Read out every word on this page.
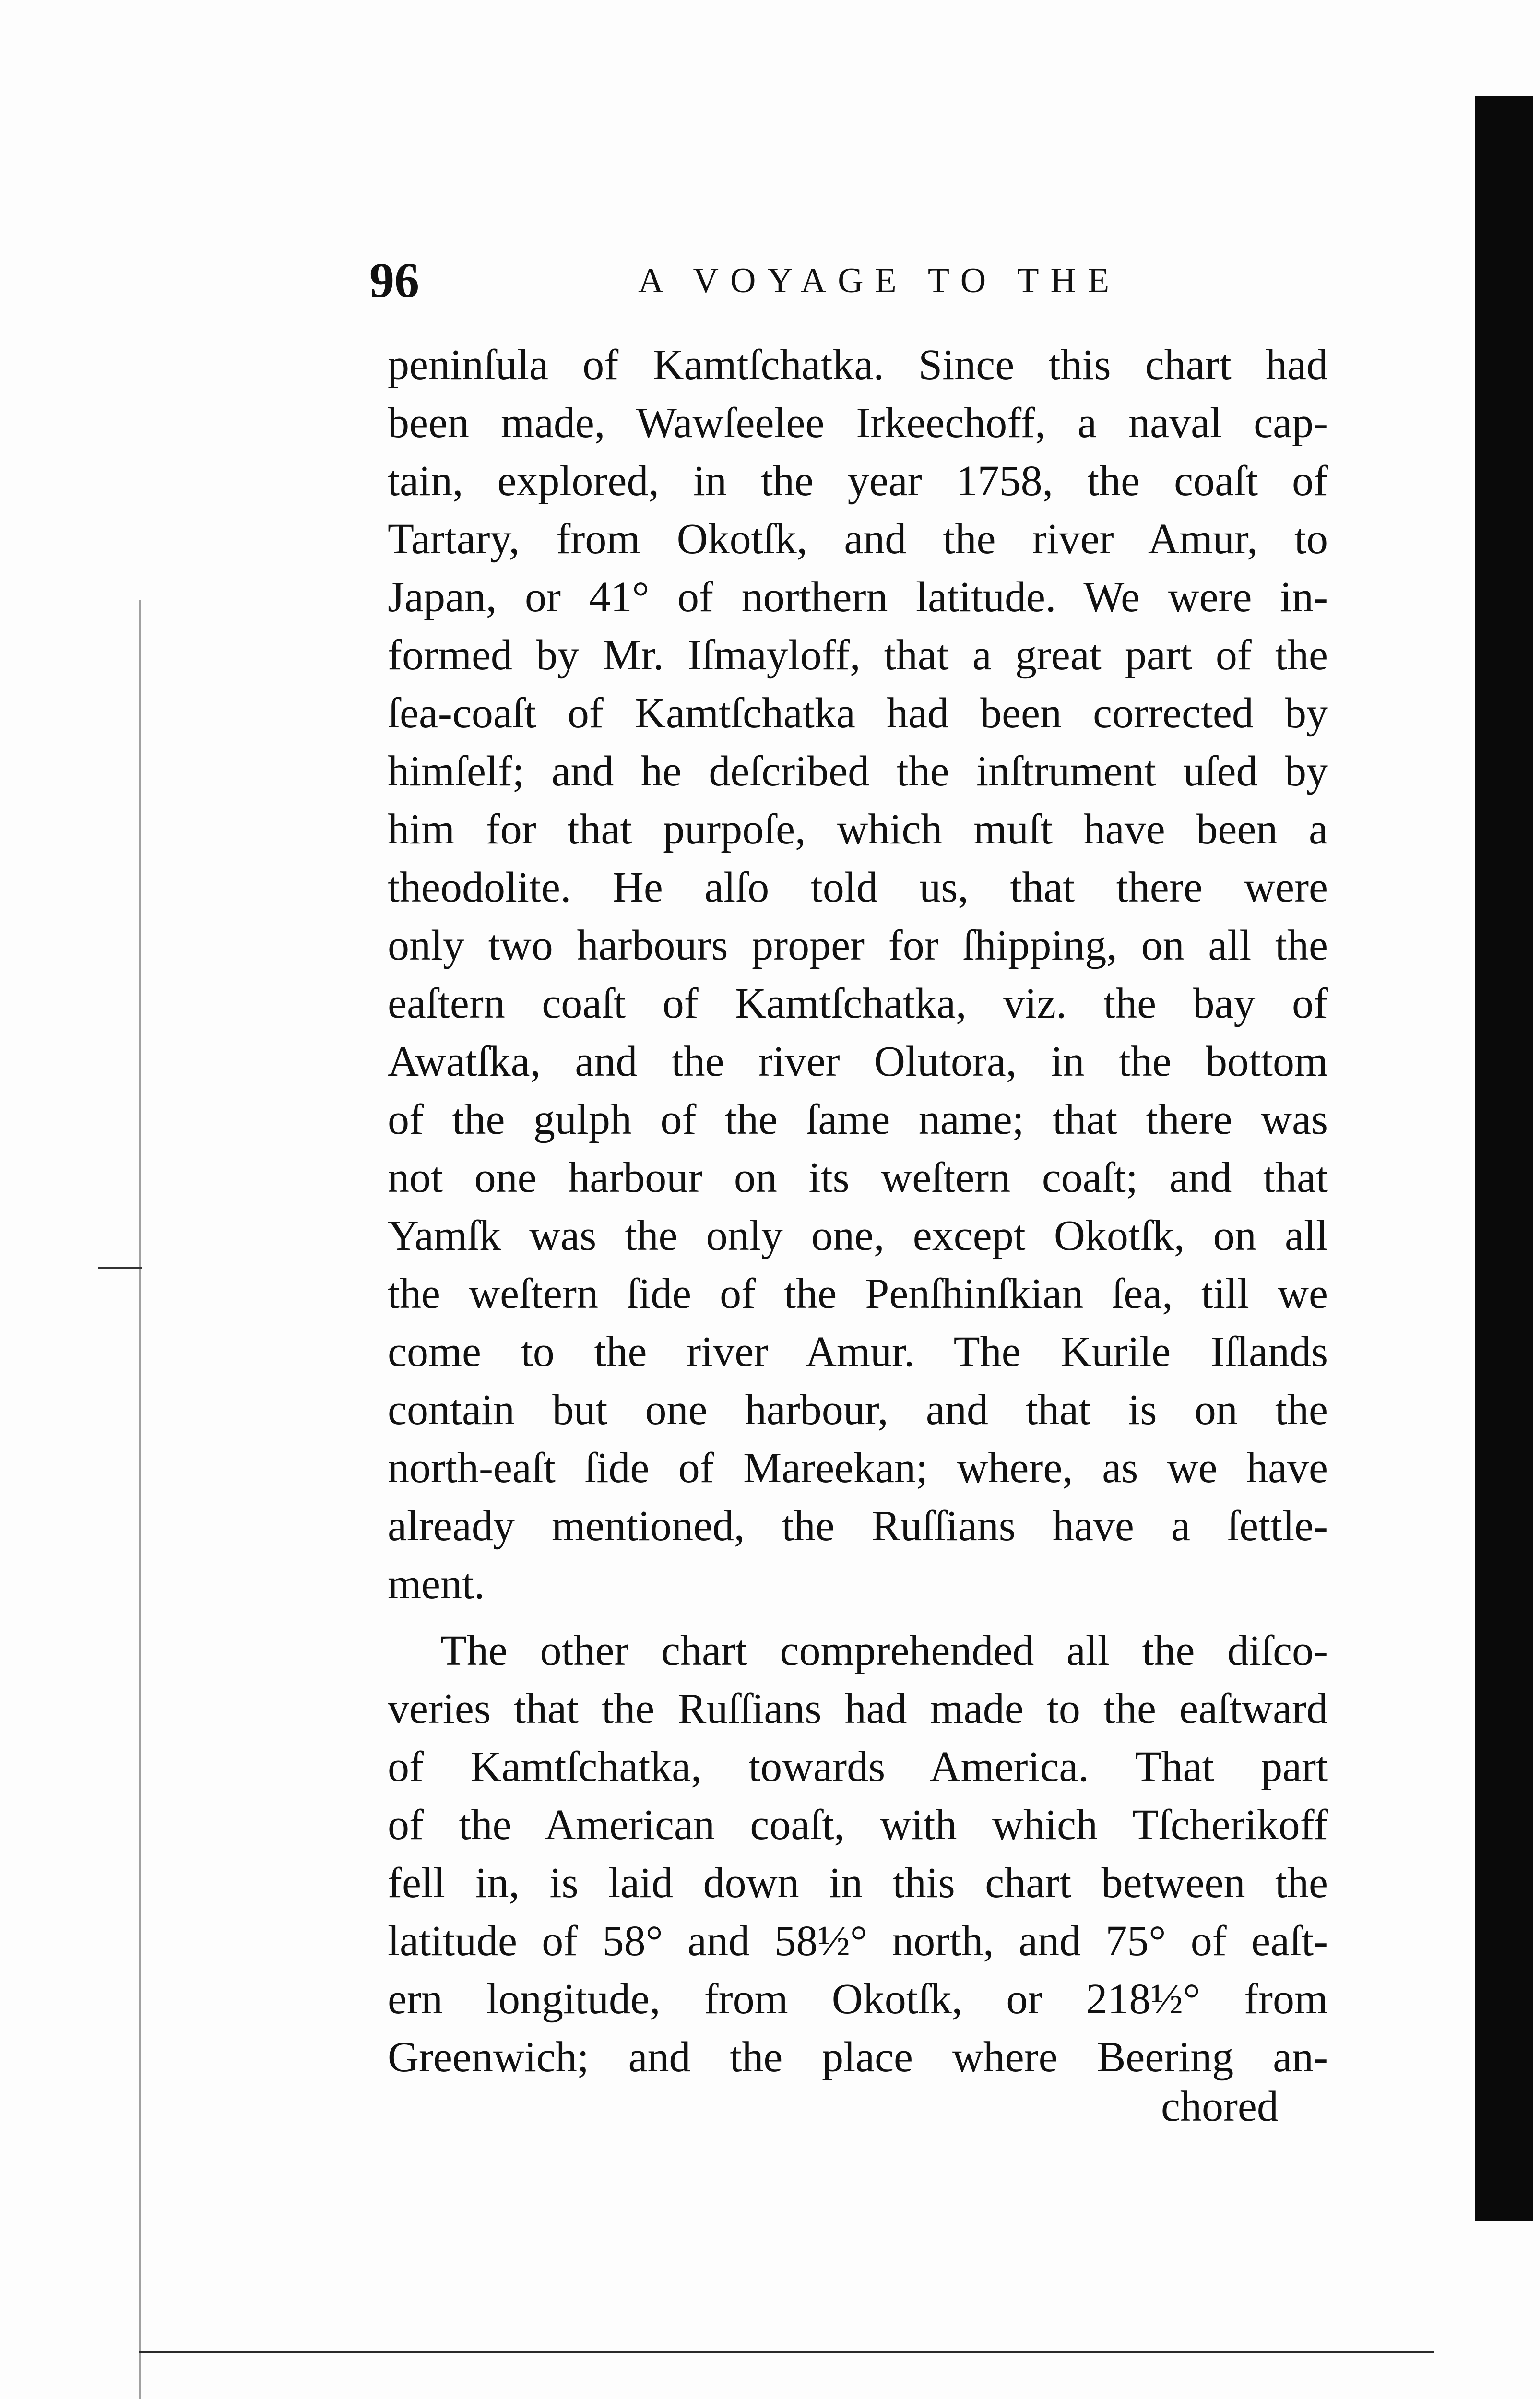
96	A VOYAGE TO THE
peninſula of Kamtſchatka. Since this chart had
been made, Wawſeelee Irkeechoff, a naval cap-
tain, explored, in the year 1758, the coaſt of
Tartary, from Okotſk, and the river Amur, to
Japan, or 41° of northern latitude. We were in-
formed by Mr. Iſmayloff, that a great part of the
ſea-coaſt of Kamtſchatka had been corrected by
himſelf; and he deſcribed the inſtrument uſed by
him for that purpoſe, which muſt have been a
theodolite. He alſo told us, that there were
only two harbours proper for ſhipping, on all the
eaſtern coaſt of Kamtſchatka, viz. the bay of
Awatſka, and the river Olutora, in the bottom
of the gulph of the ſame name; that there was
not one harbour on its weſtern coaſt; and that
Yamſk was the only one, except Okotſk, on all
the weſtern ſide of the Penſhinſkian ſea, till we
come to the river Amur. The Kurile Iſlands
contain but one harbour, and that is on the
north-eaſt ſide of Mareekan; where, as we have
already mentioned, the Ruſſians have a ſettle-
ment.
The other chart comprehended all the diſco-
veries that the Ruſſians had made to the eaſtward
of Kamtſchatka, towards America. That part
of the American coaſt, with which Tſcherikoff
fell in, is laid down in this chart between the
latitude of 58° and 58½° north, and 75° of eaſt-
ern longitude, from Okotſk, or 218½° from
Greenwich; and the place where Beering an-
chored
